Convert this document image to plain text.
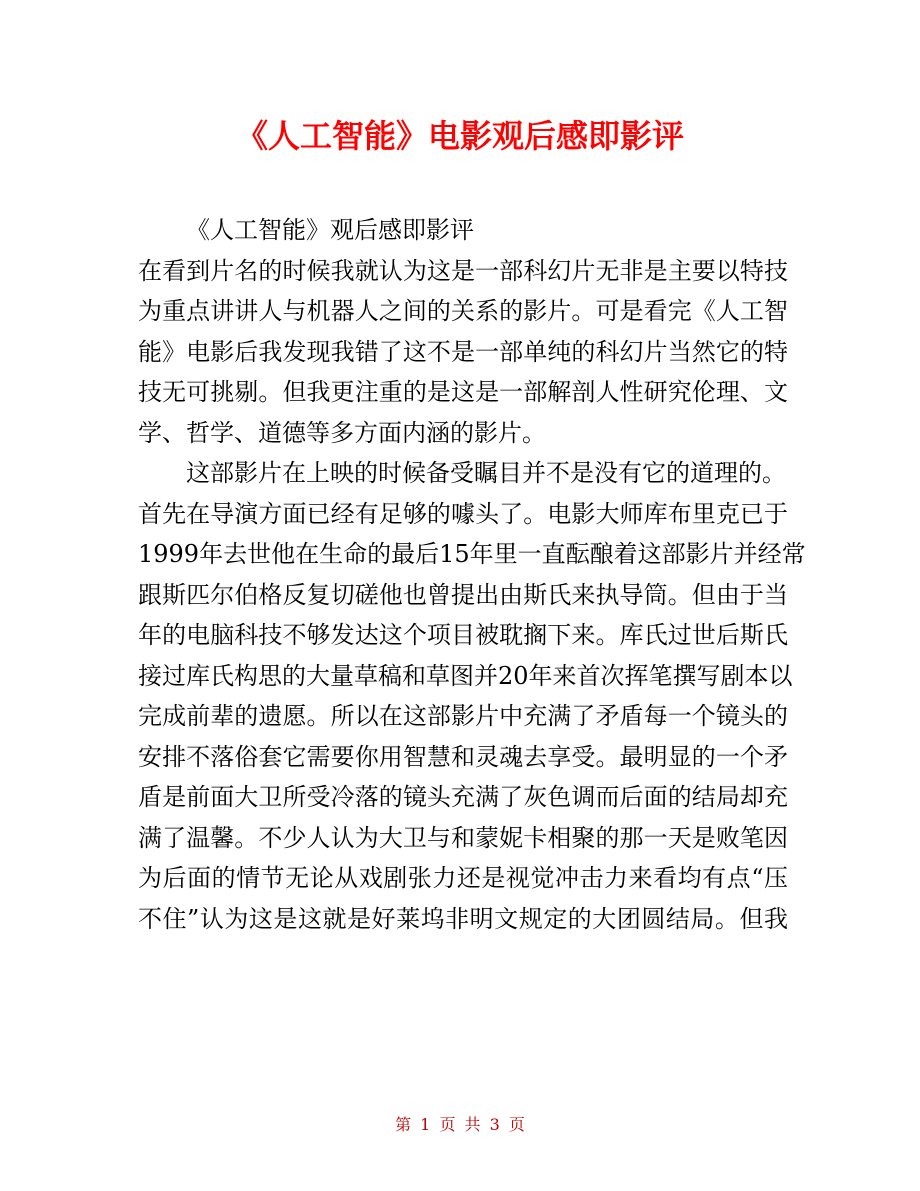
《人工智能》电影观后感即影评
《人工智能》观后感即影评
在看到片名的时候我就认为这是一部科幻片无非是主要以特技
为重点讲讲人与机器人之间的关系的影片。可是看完《人工智
能》电影后我发现我错了这不是一部单纯的科幻片当然它的特
技无可挑剔。但我更注重的是这是一部解剖人性研究伦理、文
学、哲学、道德等多方面内涵的影片。
这部影片在上映的时候备受瞩目并不是没有它的道理的。
首先在导演方面已经有足够的噱头了。电影大师库布里克已于
1999年去世他在生命的最后15年里一直酝酿着这部影片并经常
跟斯匹尔伯格反复切磋他也曾提出由斯氏来执导筒。但由于当
年的电脑科技不够发达这个项目被耽搁下来。库氏过世后斯氏
接过库氏构思的大量草稿和草图并20年来首次挥笔撰写剧本以
完成前辈的遗愿。所以在这部影片中充满了矛盾每一个镜头的
安排不落俗套它需要你用智慧和灵魂去享受。最明显的一个矛
盾是前面大卫所受冷落的镜头充满了灰色调而后面的结局却充
满了温馨。不少人认为大卫与和蒙妮卡相聚的那一天是败笔因
为后面的情节无论从戏剧张力还是视觉冲击力来看均有点“压
不住”认为这是这就是好莱坞非明文规定的大团圆结局。但我
第 1 页 共 3 页
